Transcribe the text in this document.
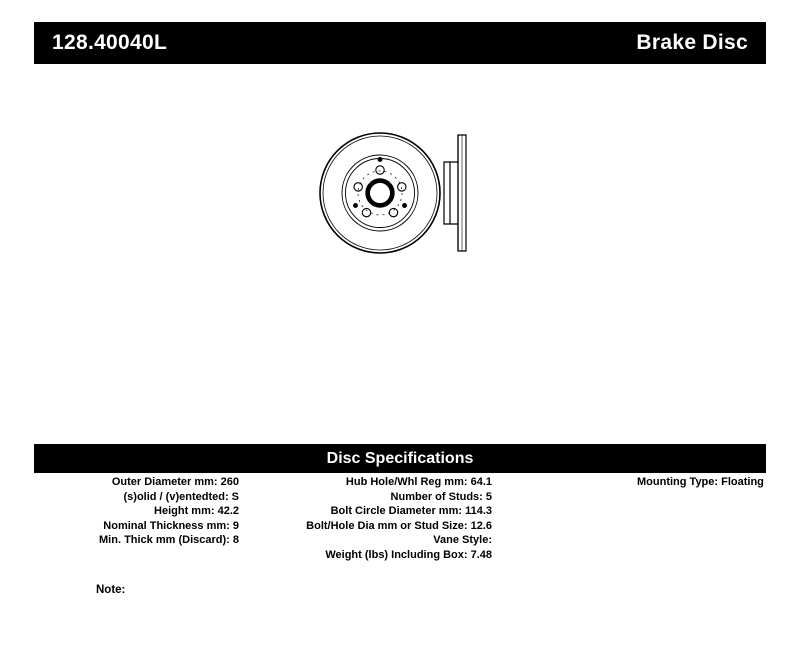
128.40040L	Brake Disc
Disc Specifications
Outer Diameter mm: 260
(s)olid / (v)entedted: S
Height mm: 42.2
Nominal Thickness mm: 9
Min. Thick mm (Discard): 8
Hub Hole/Whl Reg mm: 64.1
Number of Studs: 5
Bolt Circle Diameter mm: 114.3
Bolt/Hole Dia mm or Stud Size: 12.6
Vane Style:
Weight (lbs) Including Box: 7.48
Mounting Type: Floating
Note:
